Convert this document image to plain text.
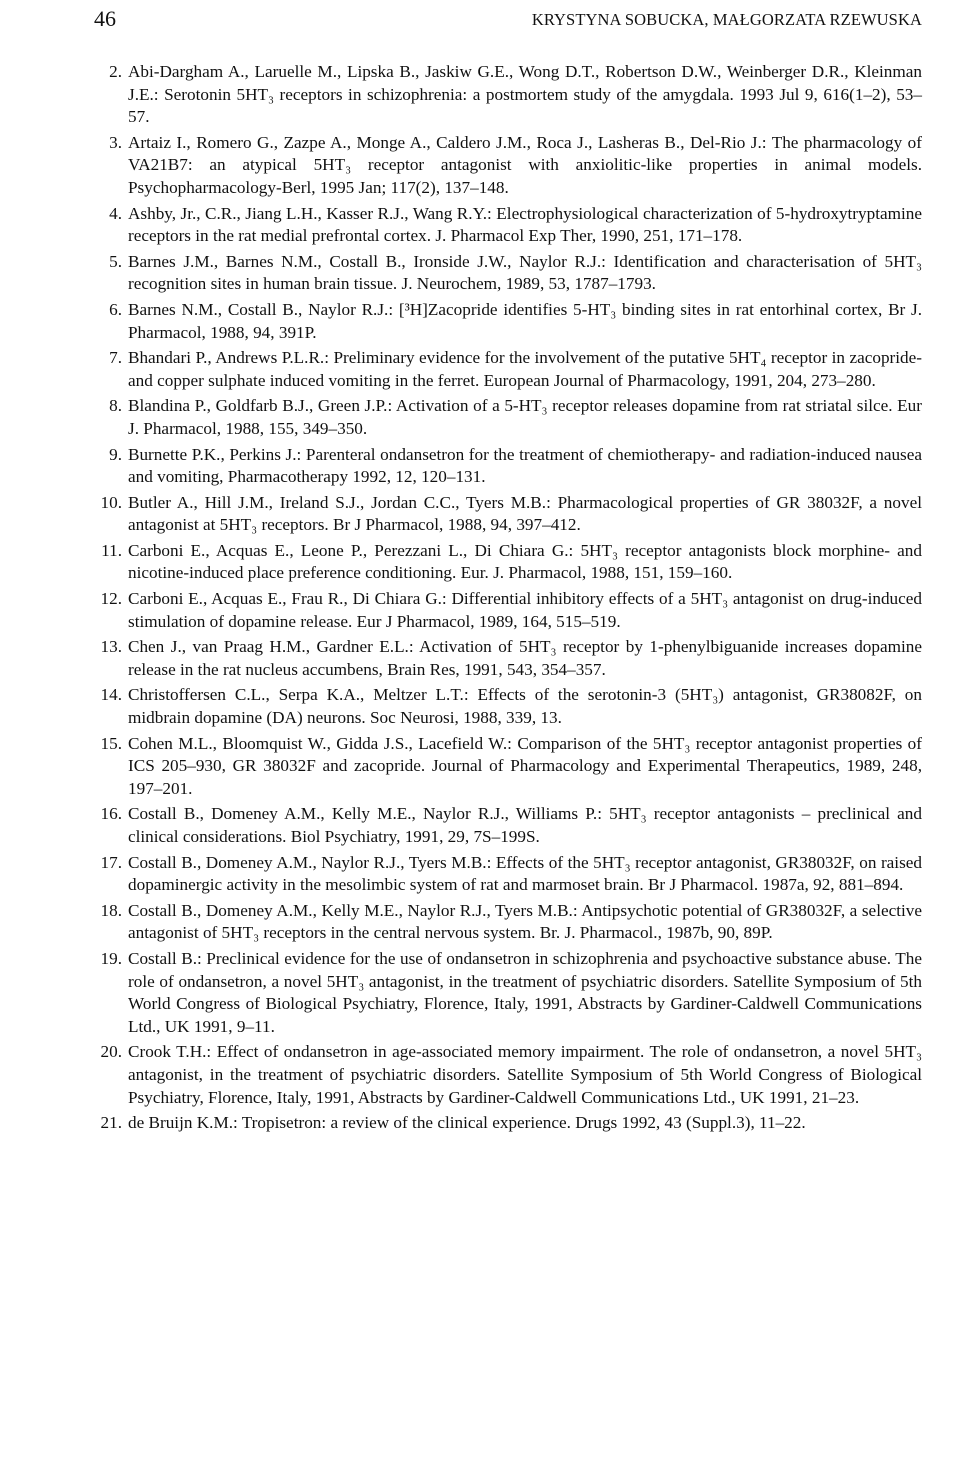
46	KRYSTYNA SOBUCKA, MAŁGORZATA RZEWUSKA
2. Abi-Dargham A., Laruelle M., Lipska B., Jaskiw G.E., Wong D.T., Robertson D.W., Weinberger D.R., Kleinman J.E.: Serotonin 5HT₃ receptors in schizophrenia: a postmortem study of the amygdala. 1993 Jul 9, 616(1–2), 53–57.
3. Artaiz I., Romero G., Zazpe A., Monge A., Caldero J.M., Roca J., Lasheras B., Del-Rio J.: The pharmacology of VA21B7: an atypical 5HT₃ receptor antagonist with anxiolitic-like properties in animal models. Psychopharmacology-Berl, 1995 Jan; 117(2), 137–148.
4. Ashby, Jr., C.R., Jiang L.H., Kasser R.J., Wang R.Y.: Electrophysiological characterization of 5-hydroxytryptamine receptors in the rat medial prefrontal cortex. J. Pharmacol Exp Ther, 1990, 251, 171–178.
5. Barnes J.M., Barnes N.M., Costall B., Ironside J.W., Naylor R.J.: Identification and characterisation of 5HT₃ recognition sites in human brain tissue. J. Neurochem, 1989, 53, 1787–1793.
6. Barnes N.M., Costall B., Naylor R.J.: [³H]Zacopride identifies 5-HT₃ binding sites in rat entorhinal cortex, Br J. Pharmacol, 1988, 94, 391P.
7. Bhandari P., Andrews P.L.R.: Preliminary evidence for the involvement of the putative 5HT₄ receptor in zacopride- and copper sulphate induced vomiting in the ferret. European Journal of Pharmacology, 1991, 204, 273–280.
8. Blandina P., Goldfarb B.J., Green J.P.: Activation of a 5-HT₃ receptor releases dopamine from rat striatal silce. Eur J. Pharmacol, 1988, 155, 349–350.
9. Burnette P.K., Perkins J.: Parenteral ondansetron for the treatment of chemiotherapy- and radiation-induced nausea and vomiting, Pharmacotherapy 1992, 12, 120–131.
10. Butler A., Hill J.M., Ireland S.J., Jordan C.C., Tyers M.B.: Pharmacological properties of GR 38032F, a novel antagonist at 5HT₃ receptors. Br J Pharmacol, 1988, 94, 397–412.
11. Carboni E., Acquas E., Leone P., Perezzani L., Di Chiara G.: 5HT₃ receptor antagonists block morphine- and nicotine-induced place preference conditioning. Eur. J. Pharmacol, 1988, 151, 159–160.
12. Carboni E., Acquas E., Frau R., Di Chiara G.: Differential inhibitory effects of a 5HT₃ antagonist on drug-induced stimulation of dopamine release. Eur J Pharmacol, 1989, 164, 515–519.
13. Chen J., van Praag H.M., Gardner E.L.: Activation of 5HT₃ receptor by 1-phenylbiguanide increases dopamine release in the rat nucleus accumbens, Brain Res, 1991, 543, 354–357.
14. Christoffersen C.L., Serpa K.A., Meltzer L.T.: Effects of the serotonin-3 (5HT₃) antagonist, GR38082F, on midbrain dopamine (DA) neurons. Soc Neurosi, 1988, 339, 13.
15. Cohen M.L., Bloomquist W., Gidda J.S., Lacefield W.: Comparison of the 5HT₃ receptor antagonist properties of ICS 205–930, GR 38032F and zacopride. Journal of Pharmacology and Experimental Therapeutics, 1989, 248, 197–201.
16. Costall B., Domeney A.M., Kelly M.E., Naylor R.J., Williams P.: 5HT₃ receptor antagonists – preclinical and clinical considerations. Biol Psychiatry, 1991, 29, 7S–199S.
17. Costall B., Domeney A.M., Naylor R.J., Tyers M.B.: Effects of the 5HT₃ receptor antagonist, GR38032F, on raised dopaminergic activity in the mesolimbic system of rat and marmoset brain. Br J Pharmacol. 1987a, 92, 881–894.
18. Costall B., Domeney A.M., Kelly M.E., Naylor R.J., Tyers M.B.: Antipsychotic potential of GR38032F, a selective antagonist of 5HT₃ receptors in the central nervous system. Br. J. Pharmacol., 1987b, 90, 89P.
19. Costall B.: Preclinical evidence for the use of ondansetron in schizophrenia and psychoactive substance abuse. The role of ondansetron, a novel 5HT₃ antagonist, in the treatment of psychiatric disorders. Satellite Symposium of 5th World Congress of Biological Psychiatry, Florence, Italy, 1991, Abstracts by Gardiner-Caldwell Communications Ltd., UK 1991, 9–11.
20. Crook T.H.: Effect of ondansetron in age-associated memory impairment. The role of ondansetron, a novel 5HT₃ antagonist, in the treatment of psychiatric disorders. Satellite Symposium of 5th World Congress of Biological Psychiatry, Florence, Italy, 1991, Abstracts by Gardiner-Caldwell Communications Ltd., UK 1991, 21–23.
21. de Bruijn K.M.: Tropisetron: a review of the clinical experience. Drugs 1992, 43 (Suppl.3), 11–22.
